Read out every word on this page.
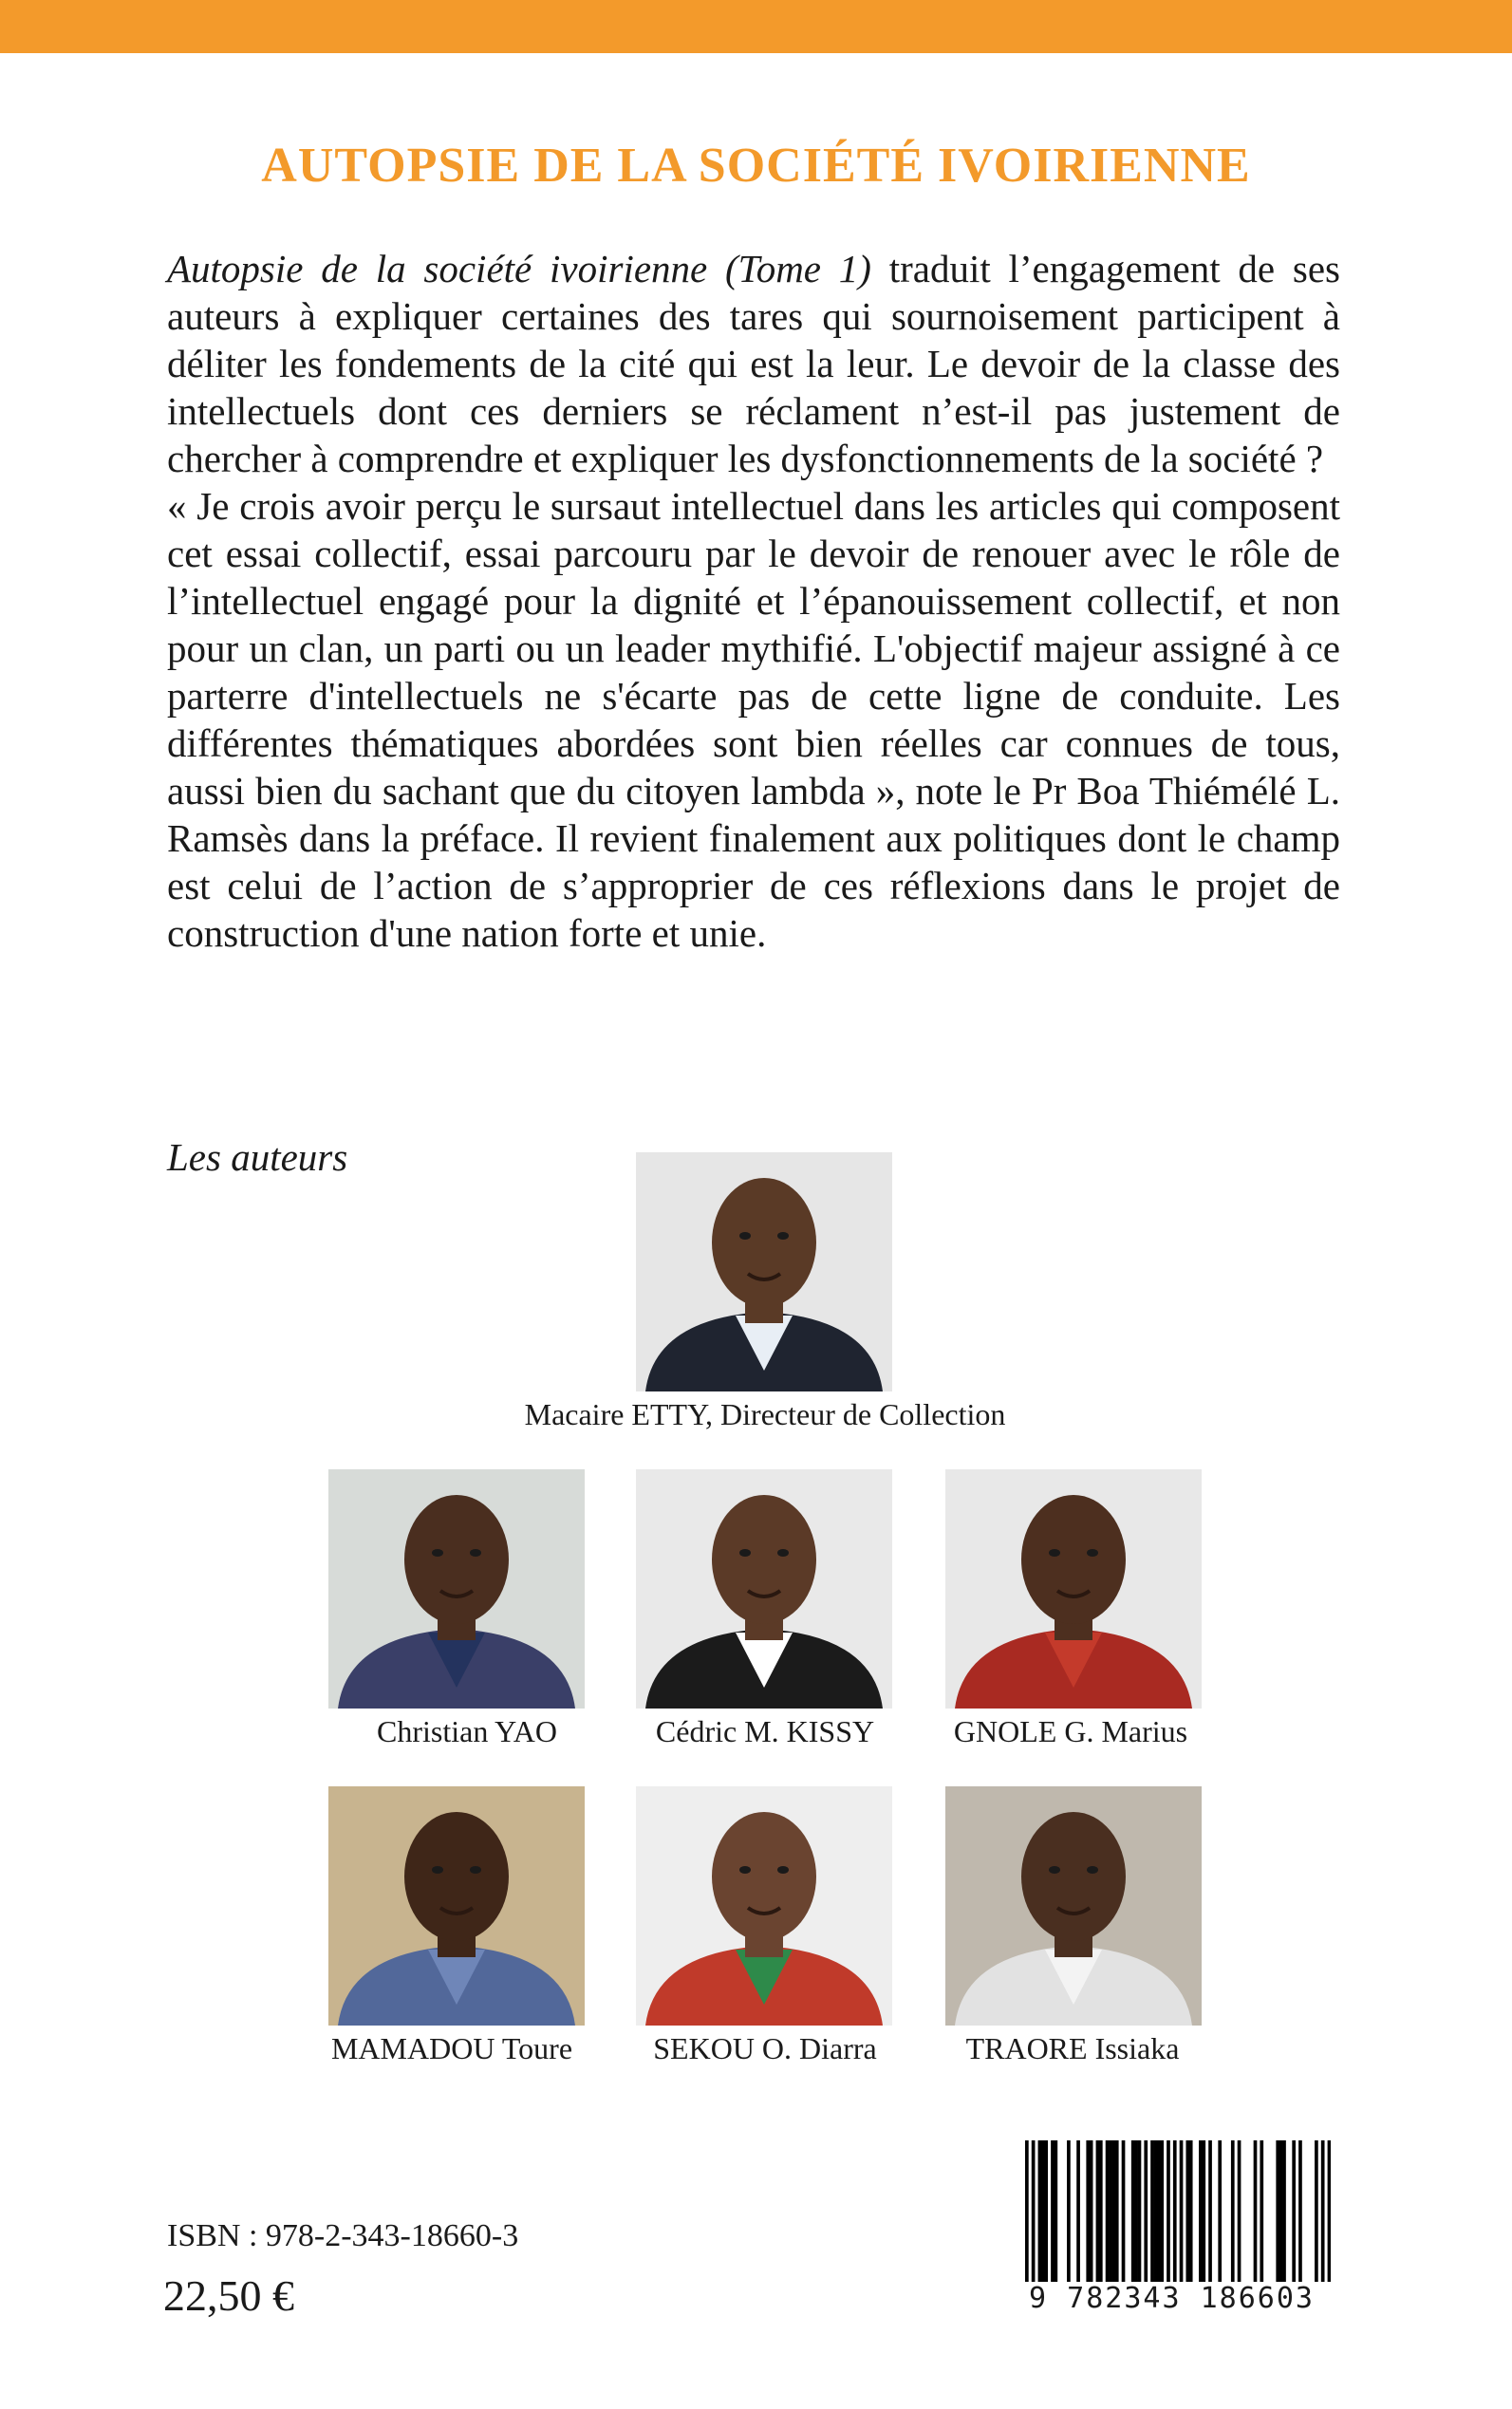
AUTOPSIE DE LA SOCIÉTÉ IVOIRIENNE

Autopsie de la société ivoirienne (Tome 1) traduit l’engagement de ses auteurs à expliquer certaines des tares qui sournoisement participent à déliter les fondements de la cité qui est la leur. Le devoir de la classe des intellectuels dont ces derniers se réclament n’est-il pas justement de chercher à comprendre et expliquer les dysfonctionnements de la société ?

« Je crois avoir perçu le sursaut intellectuel dans les articles qui composent cet essai collectif, essai parcouru par le devoir de renouer avec le rôle de l’intellectuel engagé pour la dignité et l’épanouissement collectif, et non pour un clan, un parti ou un leader mythifié. L'objectif majeur assigné à ce parterre d'intellectuels ne s'écarte pas de cette ligne de conduite. Les différentes thématiques abordées sont bien réelles car connues de tous, aussi bien du sachant que du citoyen lambda », note le Pr Boa Thiémélé L. Ramsès dans la préface. Il revient finalement aux politiques dont le champ est celui de l’action de s’approprier de ces réflexions dans le projet de construction d'une nation forte et unie.

Les auteurs

Macaire ETTY, Directeur de Collection
Christian YAO	Cédric M. KISSY	GNOLE G. Marius
MAMADOU Toure	SEKOU O. Diarra	TRAORE Issiaka
ISBN : 978-2-343-18660-3
22,50 €	9 782343 186603
